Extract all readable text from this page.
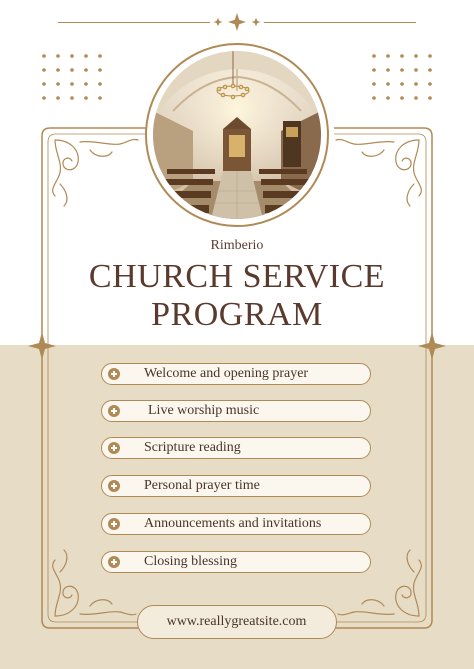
Rimberio
CHURCH SERVICE
PROGRAM
Welcome and opening prayer
Live worship music
Scripture reading
Personal prayer time
Announcements and invitations
Closing blessing
www.reallygreatsite.com
